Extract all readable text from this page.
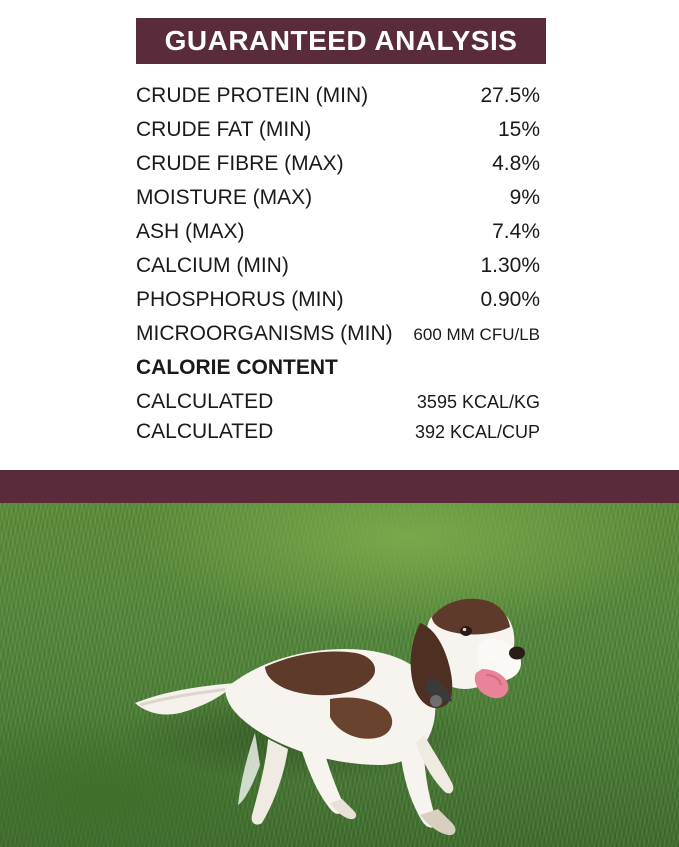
GUARANTEED ANALYSIS
CRUDE PROTEIN (MIN)	27.5%
CRUDE FAT (MIN)	15%
CRUDE FIBRE (MAX)	4.8%
MOISTURE (MAX)	9%
ASH (MAX)	7.4%
CALCIUM (MIN)	1.30%
PHOSPHORUS (MIN)	0.90%
MICROORGANISMS (MIN) 600 MM CFU/LB
CALORIE CONTENT
CALCULATED	3595 KCAL/KG
CALCULATED	392 KCAL/CUP
